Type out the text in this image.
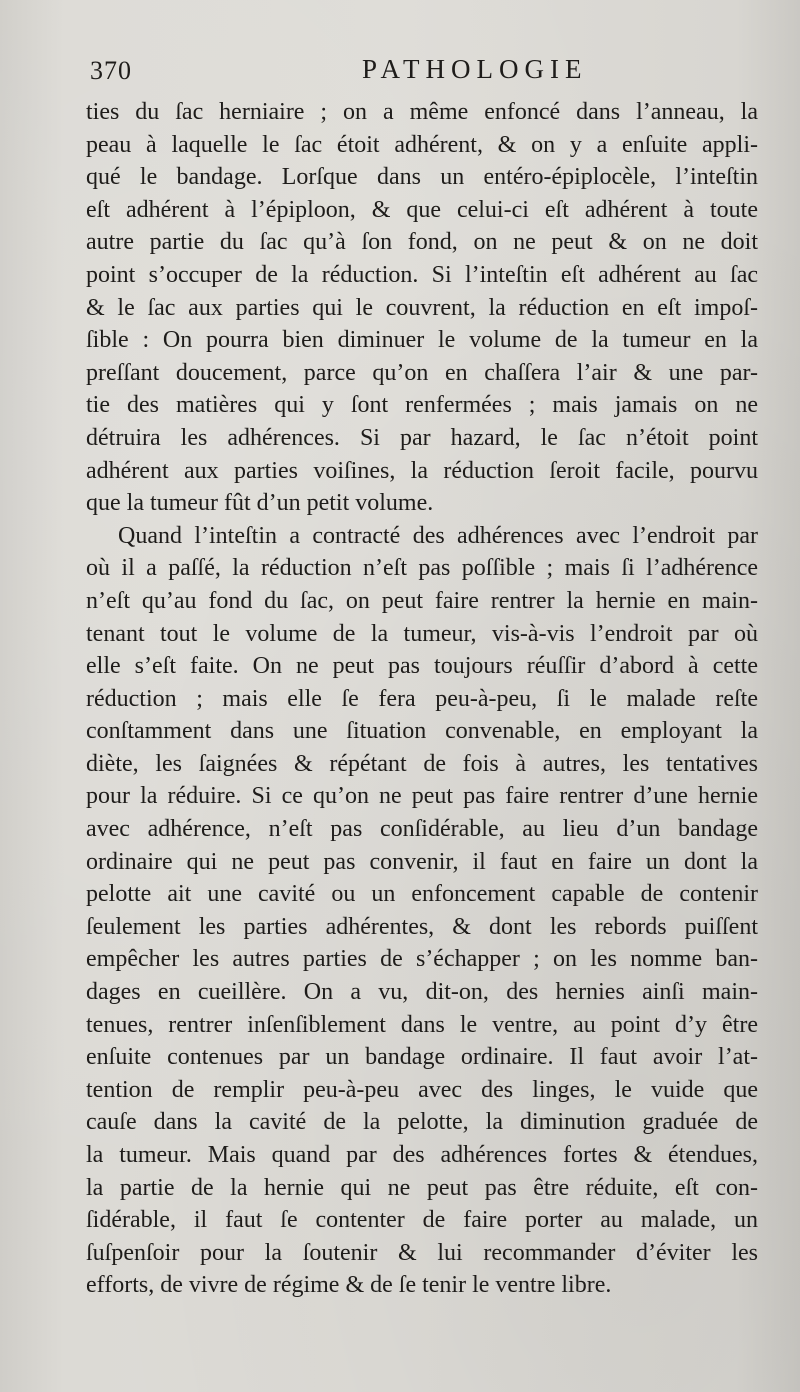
370	PATHOLOGIE
ties du ſac herniaire ; on a même enfoncé dans l’anneau, la
peau à laquelle le ſac étoit adhérent, & on y a enſuite appli-
qué le bandage. Lorſque dans un entéro-épiplocèle, l’inteſtin
eſt adhérent à l’épiploon, & que celui-ci eſt adhérent à toute
autre partie du ſac qu’à ſon fond, on ne peut & on ne doit
point s’occuper de la réduction. Si l’inteſtin eſt adhérent au ſac
& le ſac aux parties qui le couvrent, la réduction en eſt impoſ-
ſible : On pourra bien diminuer le volume de la tumeur en la
preſſant doucement, parce qu’on en chaſſera l’air & une par-
tie des matières qui y ſont renfermées ; mais jamais on ne
détruira les adhérences. Si par hazard, le ſac n’étoit point
adhérent aux parties voiſines, la réduction ſeroit facile, pourvu
que la tumeur fût d’un petit volume.
Quand l’inteſtin a contracté des adhérences avec l’endroit par
où il a paſſé, la réduction n’eſt pas poſſible ; mais ſi l’adhérence
n’eſt qu’au fond du ſac, on peut faire rentrer la hernie en main-
tenant tout le volume de la tumeur, vis-à-vis l’endroit par où
elle s’eſt faite. On ne peut pas toujours réuſſir d’abord à cette
réduction ; mais elle ſe fera peu-à-peu, ſi le malade reſte
conſtamment dans une ſituation convenable, en employant la
diète, les ſaignées & répétant de fois à autres, les tentatives
pour la réduire. Si ce qu’on ne peut pas faire rentrer d’une hernie
avec adhérence, n’eſt pas conſidérable, au lieu d’un bandage
ordinaire qui ne peut pas convenir, il faut en faire un dont la
pelotte ait une cavité ou un enfoncement capable de contenir
ſeulement les parties adhérentes, & dont les rebords puiſſent
empêcher les autres parties de s’échapper ; on les nomme ban-
dages en cueillère. On a vu, dit-on, des hernies ainſi main-
tenues, rentrer inſenſiblement dans le ventre, au point d’y être
enſuite contenues par un bandage ordinaire. Il faut avoir l’at-
tention de remplir peu-à-peu avec des linges, le vuide que
cauſe dans la cavité de la pelotte, la diminution graduée de
la tumeur. Mais quand par des adhérences fortes & étendues,
la partie de la hernie qui ne peut pas être réduite, eſt con-
ſidérable, il faut ſe contenter de faire porter au malade, un
ſuſpenſoir pour la ſoutenir & lui recommander d’éviter les
efforts, de vivre de régime & de ſe tenir le ventre libre.
